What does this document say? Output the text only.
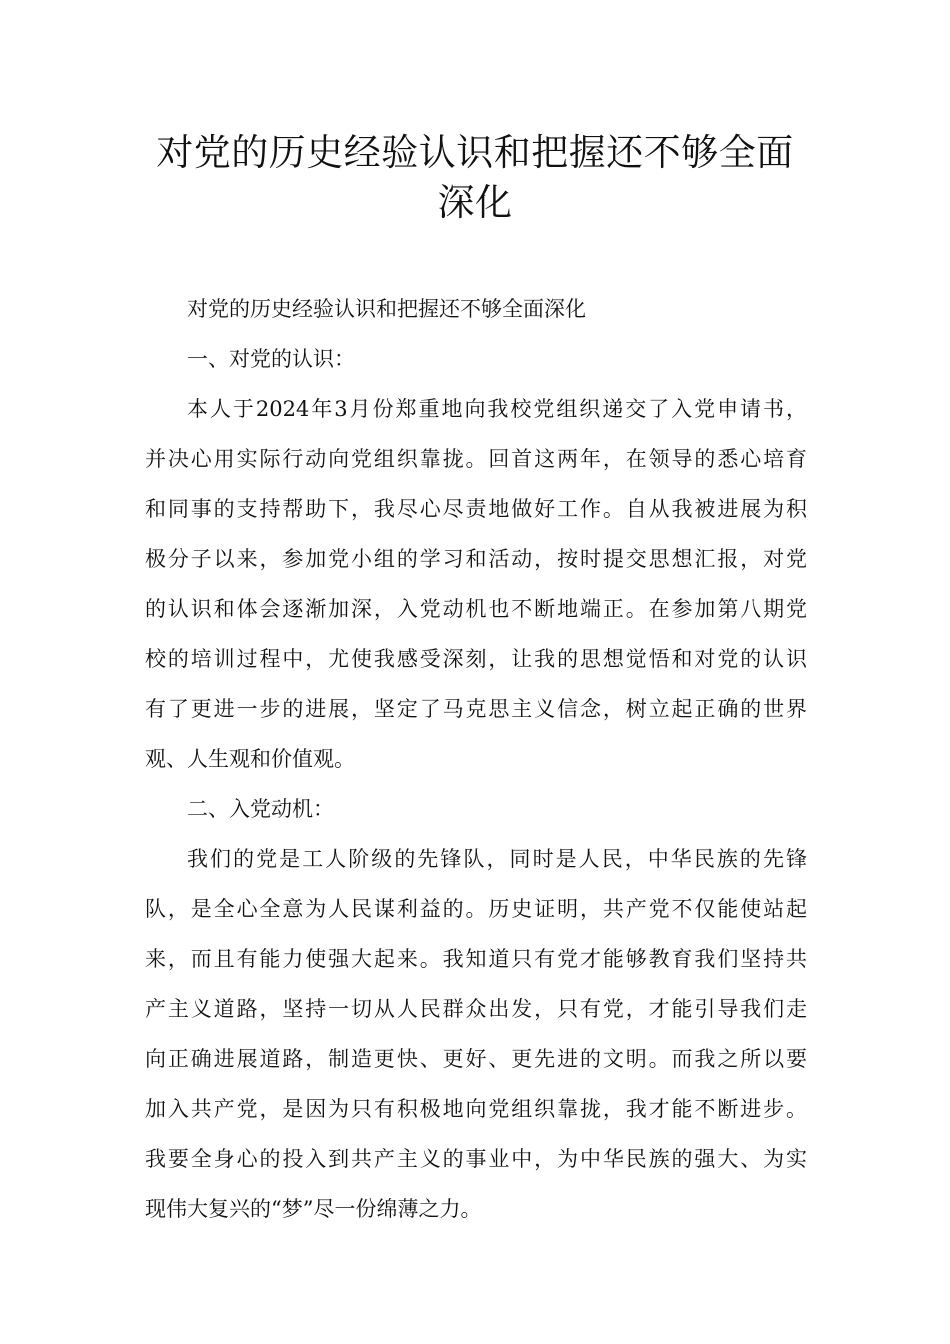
对党的历史经验认识和把握还不够全面
深化
对党的历史经验认识和把握还不够全面深化
一、对党的认识：
本人于2024年3月份郑重地向我校党组织递交了入党申请书，
并决心用实际行动向党组织靠拢。回首这两年，在领导的悉心培育
和同事的支持帮助下，我尽心尽责地做好工作。自从我被进展为积
极分子以来，参加党小组的学习和活动，按时提交思想汇报，对党
的认识和体会逐渐加深，入党动机也不断地端正。在参加第八期党
校的培训过程中，尤使我感受深刻，让我的思想觉悟和对党的认识
有了更进一步的进展，坚定了马克思主义信念，树立起正确的世界
观、人生观和价值观。
二、入党动机：
我们的党是工人阶级的先锋队，同时是人民，中华民族的先锋
队，是全心全意为人民谋利益的。历史证明，共产党不仅能使站起
来，而且有能力使强大起来。我知道只有党才能够教育我们坚持共
产主义道路，坚持一切从人民群众出发，只有党，才能引导我们走
向正确进展道路，制造更快、更好、更先进的文明。而我之所以要
加入共产党，是因为只有积极地向党组织靠拢，我才能不断进步。
我要全身心的投入到共产主义的事业中，为中华民族的强大、为实
现伟大复兴的“梦”尽一份绵薄之力。
